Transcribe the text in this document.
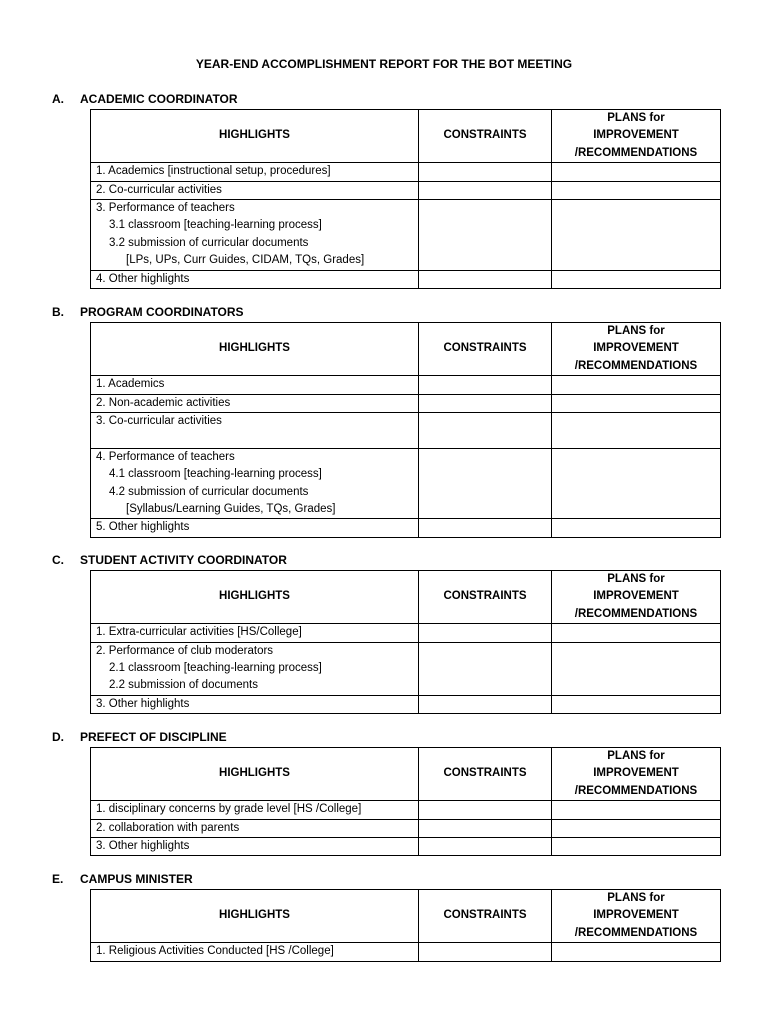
YEAR-END ACCOMPLISHMENT REPORT FOR THE BOT MEETING
A. ACADEMIC COORDINATOR
HIGHLIGHTS	CONSTRAINTS	PLANS for
IMPROVEMENT
/RECOMMENDATIONS

1. Academics [instructional setup, procedures]		

2. Co-curricular activities		

3. Performance of teachers
3.1 classroom [teaching-learning process]
3.2 submission of curricular documents
[LPs, UPs, Curr Guides, CIDAM, TQs, Grades]		

4. Other highlights		

B. PROGRAM COORDINATORS
HIGHLIGHTS	CONSTRAINTS	PLANS for
IMPROVEMENT
/RECOMMENDATIONS

1. Academics		

2. Non-academic activities		

3. Co-curricular activities		

4. Performance of teachers
4.1 classroom [teaching-learning process]
4.2 submission of curricular documents
[Syllabus/Learning Guides, TQs, Grades]		

5. Other highlights		

C. STUDENT ACTIVITY COORDINATOR
HIGHLIGHTS	CONSTRAINTS	PLANS for
IMPROVEMENT
/RECOMMENDATIONS

1. Extra-curricular activities [HS/College]		

2. Performance of club moderators
2.1 classroom [teaching-learning process]
2.2 submission of documents		

3. Other highlights		

D. PREFECT OF DISCIPLINE
HIGHLIGHTS	CONSTRAINTS	PLANS for
IMPROVEMENT
/RECOMMENDATIONS

1. disciplinary concerns by grade level [HS /College]		

2. collaboration with parents		

3. Other highlights		

E. CAMPUS MINISTER
HIGHLIGHTS	CONSTRAINTS	PLANS for
IMPROVEMENT
/RECOMMENDATIONS

1. Religious Activities Conducted [HS /College]		
